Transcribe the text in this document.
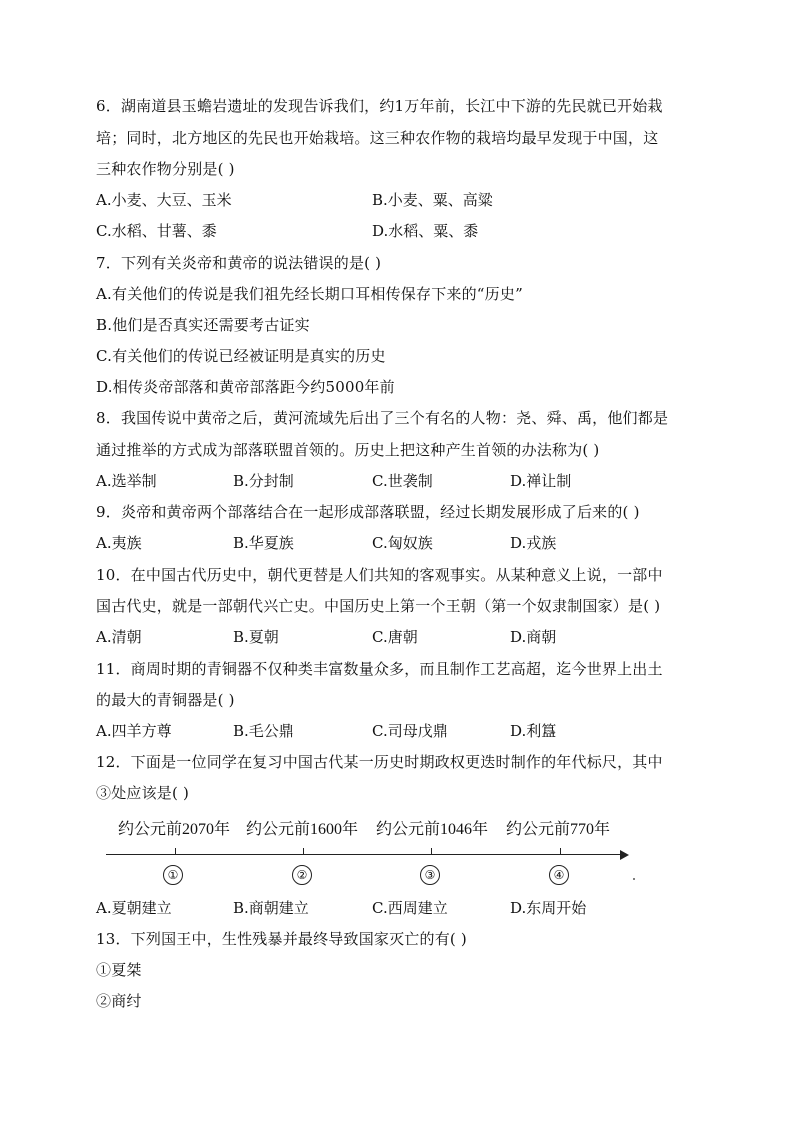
6．湖南道县玉蟾岩遗址的发现告诉我们，约1万年前，长江中下游的先民就已开始栽
培；同时，北方地区的先民也开始栽培。这三种农作物的栽培均最早发现于中国，这
三种农作物分别是( )
A.小麦、大豆、玉米	B.小麦、粟、高粱
C.水稻、甘薯、黍	D.水稻、粟、黍
7．下列有关炎帝和黄帝的说法错误的是( )
A.有关他们的传说是我们祖先经长期口耳相传保存下来的“历史”
B.他们是否真实还需要考古证实
C.有关他们的传说已经被证明是真实的历史
D.相传炎帝部落和黄帝部落距今约5000年前
8．我国传说中黄帝之后，黄河流域先后出了三个有名的人物：尧、舜、禹，他们都是
通过推举的方式成为部落联盟首领的。历史上把这种产生首领的办法称为( )
A.选举制	B.分封制	C.世袭制	D.禅让制
9．炎帝和黄帝两个部落结合在一起形成部落联盟，经过长期发展形成了后来的( )
A.夷族	B.华夏族	C.匈奴族	D.戎族
10．在中国古代历史中，朝代更替是人们共知的客观事实。从某种意义上说，一部中
国古代史，就是一部朝代兴亡史。中国历史上第一个王朝（第一个奴隶制国家）是( )
A.清朝	B.夏朝	C.唐朝	D.商朝
11．商周时期的青铜器不仅种类丰富数量众多，而且制作工艺高超，迄今世界上出土
的最大的青铜器是( )
A.四羊方尊	B.毛公鼎	C.司母戊鼎	D.利簋
12．下面是一位同学在复习中国古代某一历史时期政权更迭时制作的年代标尺，其中
③处应该是( )
约公元前2070年 约公元前1600年 约公元前1046年 约公元前770年
①	②	③	④
A.夏朝建立	B.商朝建立	C.西周建立	D.东周开始
13．下列国王中，生性残暴并最终导致国家灭亡的有( )
①夏桀
②商纣
